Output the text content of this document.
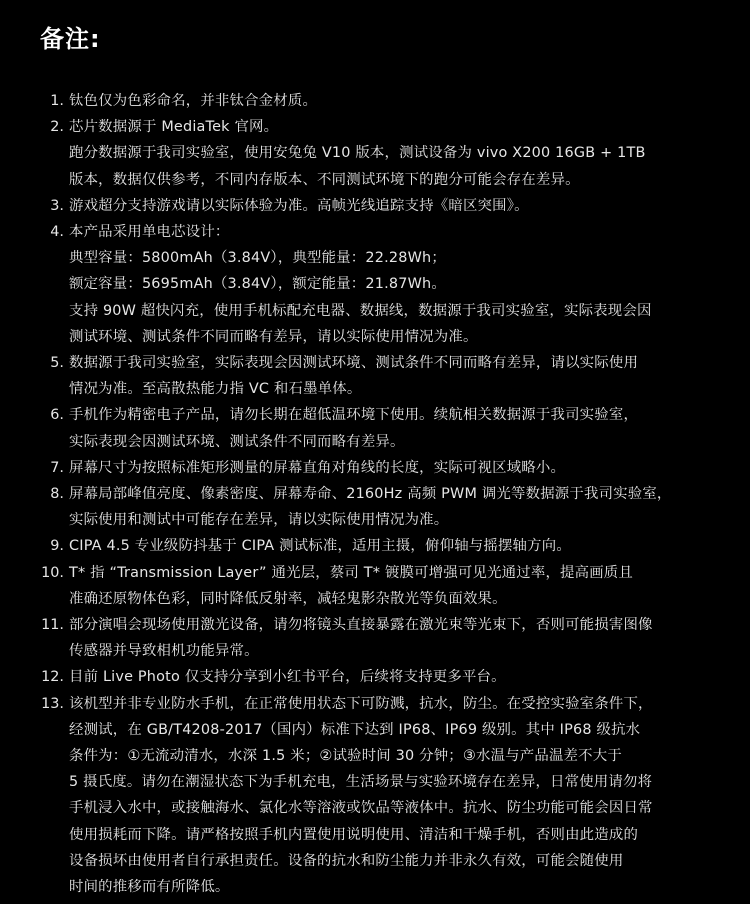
备注:
1. 钛色仅为色彩命名，并非钛合金材质。
2. 芯片数据源于 MediaTek 官网。
跑分数据源于我司实验室，使用安兔兔 V10 版本，测试设备为 vivo X200 16GB + 1TB
版本，数据仅供参考，不同内存版本、不同测试环境下的跑分可能会存在差异。
3. 游戏超分支持游戏请以实际体验为准。高帧光线追踪支持《暗区突围》。
4. 本产品采用单电芯设计：
典型容量：5800mAh（3.84V），典型能量：22.28Wh；
额定容量：5695mAh（3.84V），额定能量：21.87Wh。
支持 90W 超快闪充，使用手机标配充电器、数据线，数据源于我司实验室，实际表现会因
测试环境、测试条件不同而略有差异，请以实际使用情况为准。
5. 数据源于我司实验室，实际表现会因测试环境、测试条件不同而略有差异，请以实际使用
情况为准。至高散热能力指 VC 和石墨单体。
6. 手机作为精密电子产品，请勿长期在超低温环境下使用。续航相关数据源于我司实验室，
实际表现会因测试环境、测试条件不同而略有差异。
7. 屏幕尺寸为按照标准矩形测量的屏幕直角对角线的长度，实际可视区域略小。
8. 屏幕局部峰值亮度、像素密度、屏幕寿命、2160Hz 高频 PWM 调光等数据源于我司实验室，
实际使用和测试中可能存在差异，请以实际使用情况为准。
9. CIPA 4.5 专业级防抖基于 CIPA 测试标准，适用主摄，俯仰轴与摇摆轴方向。
10. T* 指 “Transmission Layer” 通光层，蔡司 T* 镀膜可增强可见光通过率，提高画质且
准确还原物体色彩，同时降低反射率，减轻鬼影杂散光等负面效果。
11. 部分演唱会现场使用激光设备，请勿将镜头直接暴露在激光束等光束下，否则可能损害图像
传感器并导致相机功能异常。
12. 目前 Live Photo 仅支持分享到小红书平台，后续将支持更多平台。
13. 该机型并非专业防水手机，在正常使用状态下可防溅，抗水，防尘。在受控实验室条件下，
经测试，在 GB/T4208-2017（国内）标准下达到 IP68、IP69 级别。其中 IP68 级抗水
条件为：①无流动清水，水深 1.5 米；②试验时间 30 分钟；③水温与产品温差不大于
5 摄氏度。请勿在潮湿状态下为手机充电，生活场景与实验环境存在差异，日常使用请勿将
手机浸入水中，或接触海水、氯化水等溶液或饮品等液体中。抗水、防尘功能可能会因日常
使用损耗而下降。请严格按照手机内置使用说明使用、清洁和干燥手机，否则由此造成的
设备损坏由使用者自行承担责任。设备的抗水和防尘能力并非永久有效，可能会随使用
时间的推移而有所降低。
